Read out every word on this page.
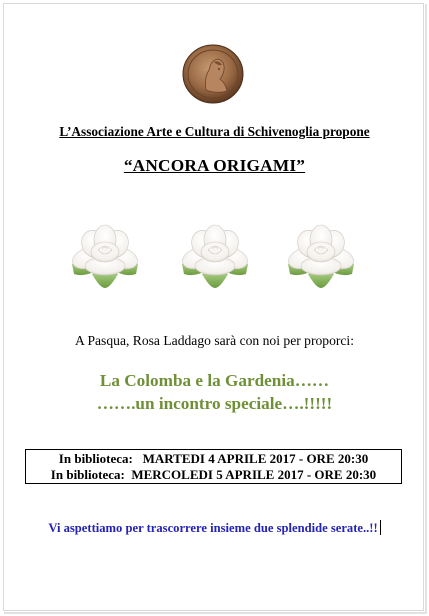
L’Associazione Arte e Cultura di Schivenoglia propone
“ANCORA ORIGAMI”
A Pasqua, Rosa Laddago sarà con noi per proporci:
La Colomba e la Gardenia……
…….un incontro speciale….!!!!!
In biblioteca:   MARTEDI 4 APRILE 2017 - ORE 20:30
In biblioteca:  MERCOLEDI 5 APRILE 2017 - ORE 20:30
Vi aspettiamo per trascorrere insieme due splendide serate..!!
